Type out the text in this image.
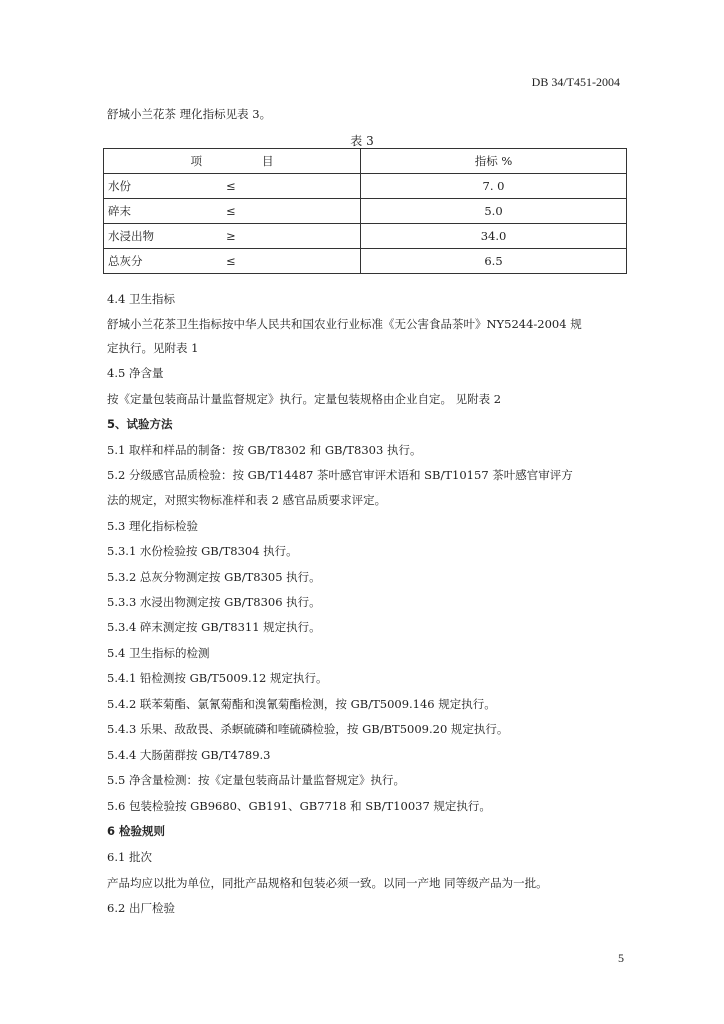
DB 34/T451-2004
舒城小兰花茶 理化指标见表 3。
表 3
项 目		指标 %
水份	≤	7. 0
碎末	≤	5.0
水浸出物	≥	34.0
总灰分	≤	6.5
4.4 卫生指标
舒城小兰花茶卫生指标按中华人民共和国农业行业标准《无公害食品茶叶》NY5244-2004 规
定执行。见附表 1
4.5 净含量
按《定量包装商品计量监督规定》执行。定量包装规格由企业自定。 见附表 2
5、试验方法
5.1 取样和样品的制备：按 GB/T8302 和 GB/T8303 执行。
5.2 分级感官品质检验：按 GB/T14487 茶叶感官审评术语和 SB/T10157 茶叶感官审评方
法的规定，对照实物标准样和表 2 感官品质要求评定。
5.3 理化指标检验
5.3.1 水份检验按 GB/T8304 执行。
5.3.2 总灰分物测定按 GB/T8305 执行。
5.3.3 水浸出物测定按 GB/T8306 执行。
5.3.4 碎末测定按 GB/T8311 规定执行。
5.4 卫生指标的检测
5.4.1 铅检测按 GB/T5009.12 规定执行。
5.4.2 联苯菊酯、氯氰菊酯和溴氰菊酯检测，按 GB/T5009.146 规定执行。
5.4.3 乐果、敌敌畏、杀螟硫磷和喹硫磷检验，按 GB/BT5009.20 规定执行。
5.4.4 大肠菌群按 GB/T4789.3
5.5 净含量检测：按《定量包装商品计量监督规定》执行。
5.6 包装检验按 GB9680、GB191、GB7718 和 SB/T10037 规定执行。
6 检验规则
6.1 批次
产品均应以批为单位，同批产品规格和包装必须一致。以同一产地 同等级产品为一批。
6.2 出厂检验
5
